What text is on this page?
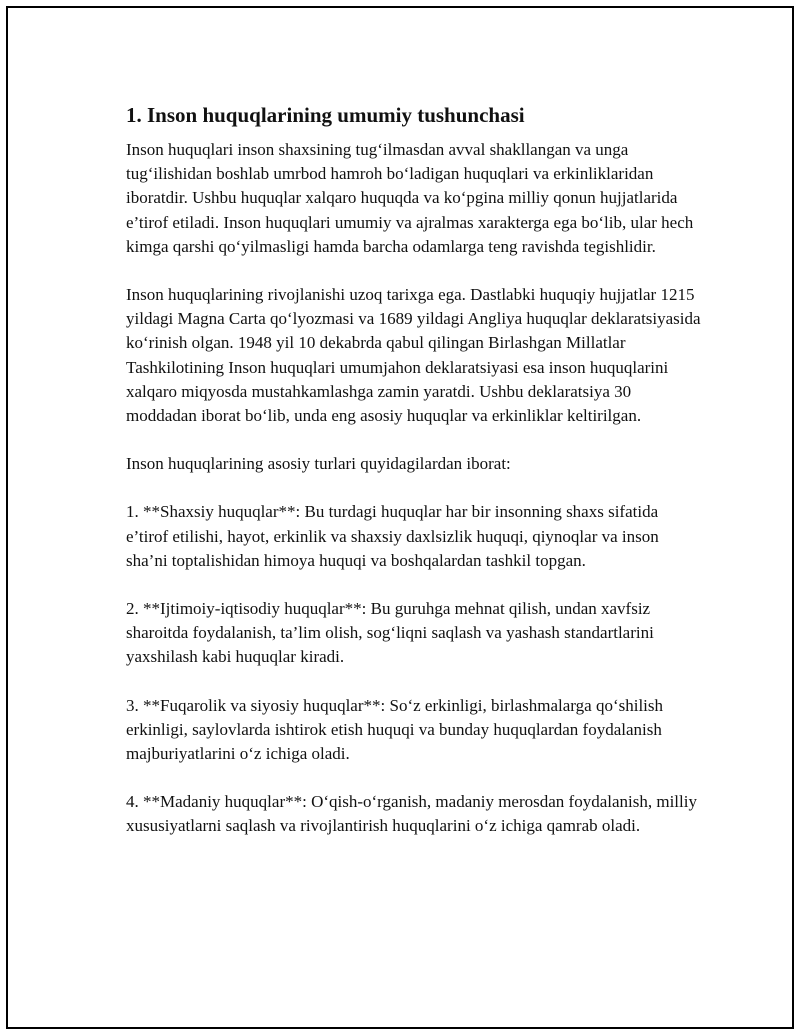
1. Inson huquqlarining umumiy tushunchasi

Inson huquqlari inson shaxsining tug‘ilmasdan avval shakllangan va unga tug‘ilishidan boshlab umrbod hamroh bo‘ladigan huquqlari va erkinliklaridan iboratdir. Ushbu huquqlar xalqaro huquqda va ko‘pgina milliy qonun hujjatlarida e’tirof etiladi. Inson huquqlari umumiy va ajralmas xarakterga ega bo‘lib, ular hech kimga qarshi qo‘yilmasligi hamda barcha odamlarga teng ravishda tegishlidir.

Inson huquqlarining rivojlanishi uzoq tarixga ega. Dastlabki huquqiy hujjatlar 1215 yildagi Magna Carta qo‘lyozmasi va 1689 yildagi Angliya huquqlar deklaratsiyasida ko‘rinish olgan. 1948 yil 10 dekabrda qabul qilingan Birlashgan Millatlar Tashkilotining Inson huquqlari umumjahon deklaratsiyasi esa inson huquqlarini xalqaro miqyosda mustahkamlashga zamin yaratdi. Ushbu deklaratsiya 30 moddadan iborat bo‘lib, unda eng asosiy huquqlar va erkinliklar keltirilgan.

Inson huquqlarining asosiy turlari quyidagilardan iborat:

1. **Shaxsiy huquqlar**: Bu turdagi huquqlar har bir insonning shaxs sifatida e’tirof etilishi, hayot, erkinlik va shaxsiy daxlsizlik huquqi, qiynoqlar va inson sha’ni toptalishidan himoya huquqi va boshqalardan tashkil topgan.

2. **Ijtimoiy-iqtisodiy huquqlar**: Bu guruhga mehnat qilish, undan xavfsiz sharoitda foydalanish, ta’lim olish, sog‘liqni saqlash va yashash standartlarini yaxshilash kabi huquqlar kiradi.

3. **Fuqarolik va siyosiy huquqlar**: So‘z erkinligi, birlashmalarga qo‘shilish erkinligi, saylovlarda ishtirok etish huquqi va bunday huquqlardan foydalanish majburiyatlarini o‘z ichiga oladi.

4. **Madaniy huquqlar**: O‘qish-o‘rganish, madaniy merosdan foydalanish, milliy xususiyatlarni saqlash va rivojlantirish huquqlarini o‘z ichiga qamrab oladi.
